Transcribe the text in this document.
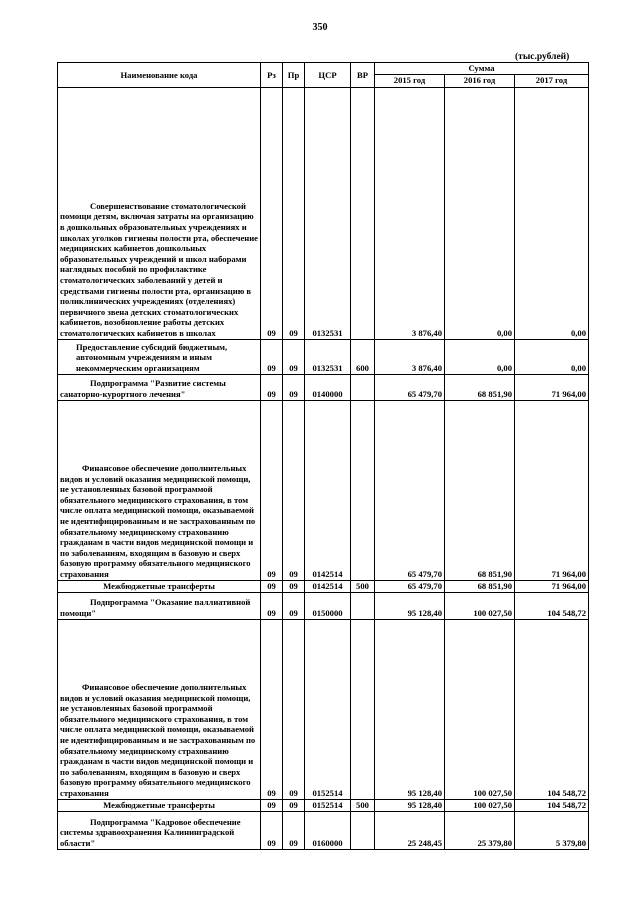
350
(тыс.рублей)
Наименование кода	Рз	Пр	ЦСР	ВР	Сумма		
					2015 год	2016 год	2017 год
Совершенствование стоматологической помощи детям, включая затраты на организацию в дошкольных образовательных учреждениях и школах уголков гигиены полости рта, обеспечение медицинских кабинетов дошкольных образовательных учреждений и школ наборами наглядных пособий по профилактике стоматологических заболеваний у детей и средствами гигиены полости рта, организацию в поликлинических учреждениях (отделениях) первичного звена детских стоматологических кабинетов, возобновление работы детских стоматологических кабинетов в школах	09	09	0132531		3 876,40	0,00	0,00
Предоставление субсидий бюджетным, автономным учреждениям и иным некоммерческим организациям	09	09	0132531	600	3 876,40	0,00	0,00
Подпрограмма "Развитие системы санаторно-курортного лечения"	09	09	0140000		65 479,70	68 851,90	71 964,00
Финансовое обеспечение дополнительных видов и условий оказания медицинской помощи, не установленных базовой программой обязательного медицинского страхования, в том числе оплата медицинской помощи, оказываемой не идентифицированным и не застрахованным по обязательному медицинскому страхованию гражданам в части видов медицинской помощи и по заболеваниям, входящим в базовую и сверх базовую программу обязательного медицинского страхования	09	09	0142514		65 479,70	68 851,90	71 964,00
Межбюджетные трансферты	09	09	0142514	500	65 479,70	68 851,90	71 964,00
Подпрограмма "Оказание паллиативной помощи"	09	09	0150000		95 128,40	100 027,50	104 548,72
Финансовое обеспечение дополнительных видов и условий оказания медицинской помощи, не установленных базовой программой обязательного медицинского страхования, в том числе оплата медицинской помощи, оказываемой не идентифицированным и не застрахованным по обязательному медицинскому страхованию гражданам в части видов медицинской помощи и по заболеваниям, входящим в базовую и сверх базовую программу обязательного медицинского страхования	09	09	0152514		95 128,40	100 027,50	104 548,72
Межбюджетные трансферты	09	09	0152514	500	95 128,40	100 027,50	104 548,72
Подпрограмма "Кадровое обеспечение системы здравоохранения Калининградской области"	09	09	0160000		25 248,45	25 379,80	5 379,80
